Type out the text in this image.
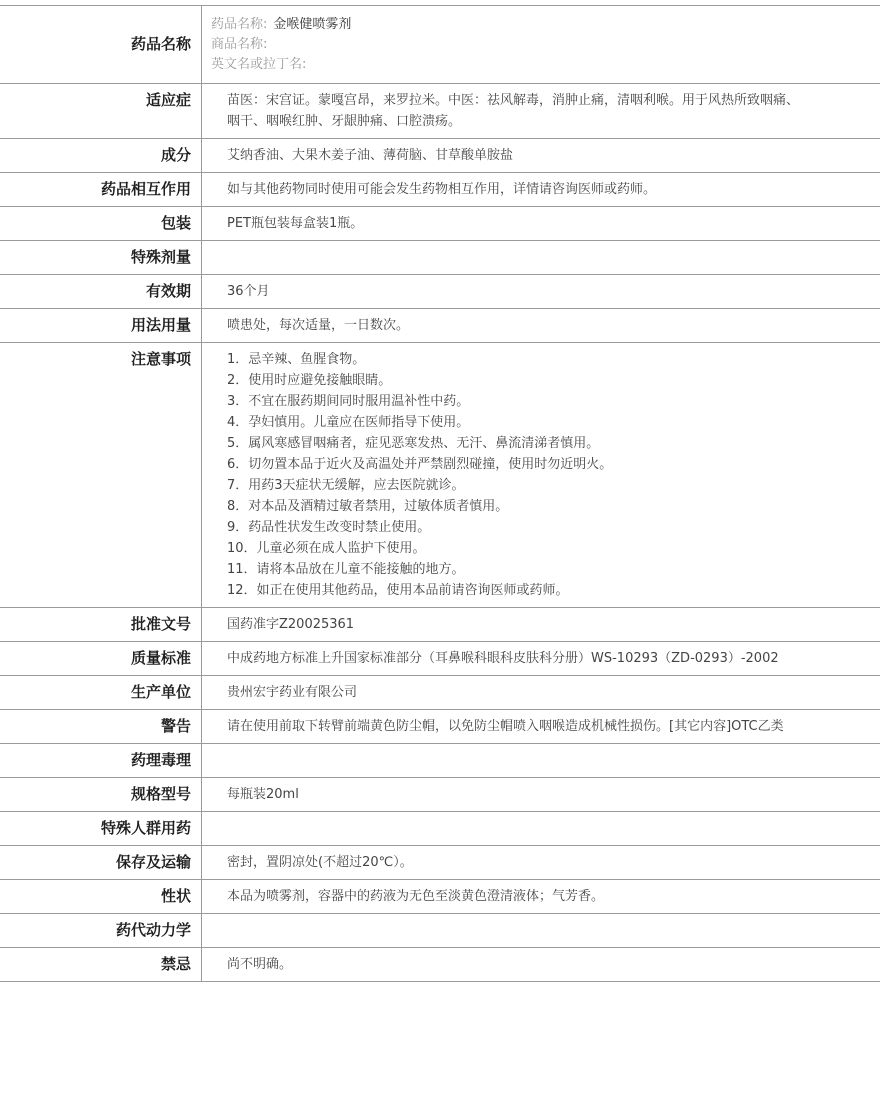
药品名称
药品名称: 金喉健喷雾剂
商品名称:
英文名或拉丁名:
适应症	苗医：宋宫证。蒙嘎宫昂，来罗拉米。中医：祛风解毒，消肿止痛，清咽利喉。用于风热所致咽痛、咽干、咽喉红肿、牙龈肿痛、口腔溃疡。
成分	艾纳香油、大果木姜子油、薄荷脑、甘草酸单胺盐
药品相互作用	如与其他药物同时使用可能会发生药物相互作用，详情请咨询医师或药师。
包装	PET瓶包装每盒装1瓶。
特殊剂量
有效期	36个月
用法用量	喷患处，每次适量，一日数次。
注意事项	1．忌辛辣、鱼腥食物。
2．使用时应避免接触眼睛。
3．不宜在服药期间同时服用温补性中药。
4．孕妇慎用。儿童应在医师指导下使用。
5．属风寒感冒咽痛者，症见恶寒发热、无汗、鼻流清涕者慎用。
6．切勿置本品于近火及高温处并严禁剧烈碰撞，使用时勿近明火。
7．用药3天症状无缓解，应去医院就诊。
8．对本品及酒精过敏者禁用，过敏体质者慎用。
9．药品性状发生改变时禁止使用。
10．儿童必须在成人监护下使用。
11．请将本品放在儿童不能接触的地方。
12．如正在使用其他药品，使用本品前请咨询医师或药师。
批准文号	国药准字Z20025361
质量标准	中成药地方标准上升国家标准部分（耳鼻喉科眼科皮肤科分册）WS-10293（ZD-0293）-2002
生产单位	贵州宏宇药业有限公司
警告	请在使用前取下转臂前端黄色防尘帽，以免防尘帽喷入咽喉造成机械性损伤。[其它内容]OTC乙类
药理毒理
规格型号	每瓶装20ml
特殊人群用药
保存及运输	密封，置阴凉处(不超过20℃）。
性状	本品为喷雾剂，容器中的药液为无色至淡黄色澄清液体；气芳香。
药代动力学
禁忌	尚不明确。
